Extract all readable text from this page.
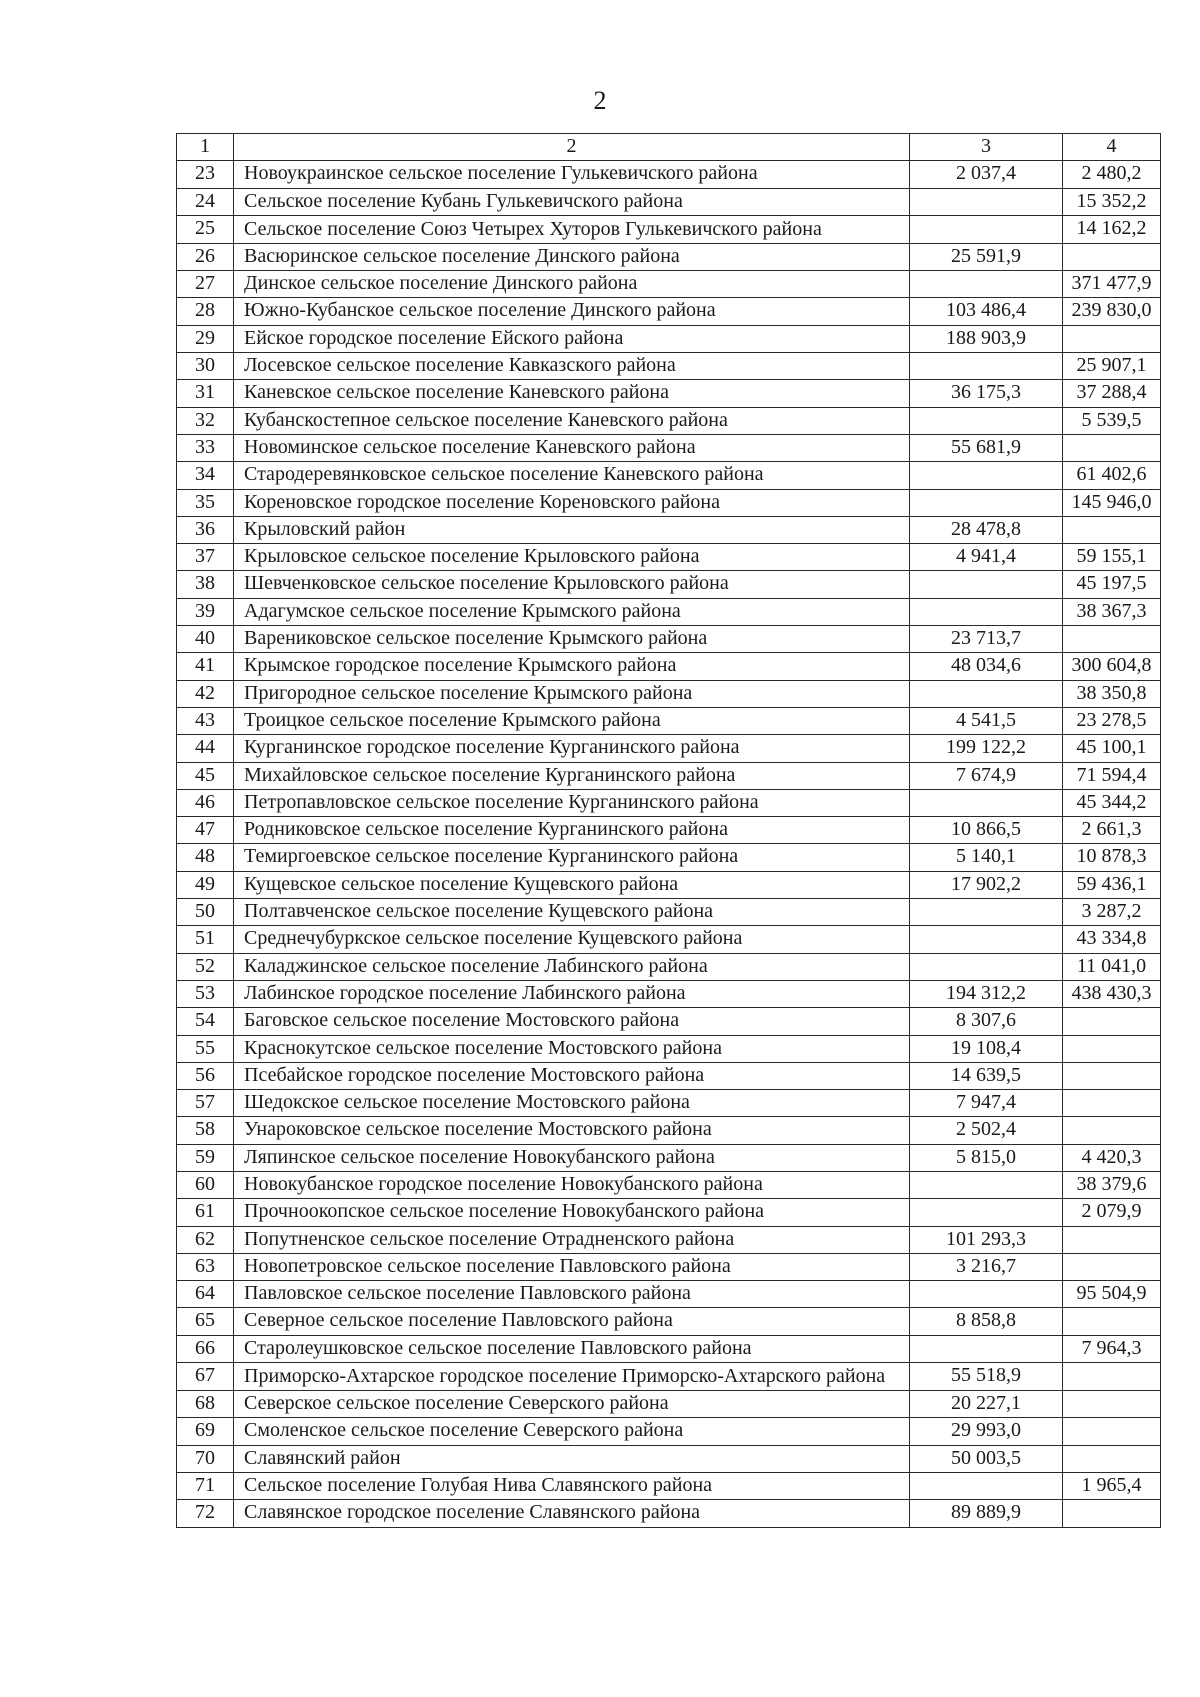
2
1	2	3	4
23	Новоукраинское сельское поселение Гулькевичского района	2 037,4	2 480,2
24	Сельское поселение Кубань Гулькевичского района		15 352,2
25	Сельское поселение Союз Четырех Хуторов Гулькевичского района		14 162,2
26	Васюринское сельское поселение Динского района	25 591,9	
27	Динское сельское поселение Динского района		371 477,9
28	Южно-Кубанское сельское поселение Динского района	103 486,4	239 830,0
29	Ейское городское поселение Ейского района	188 903,9	
30	Лосевское сельское поселение Кавказского района		25 907,1
31	Каневское сельское поселение Каневского района	36 175,3	37 288,4
32	Кубанскостепное сельское поселение Каневского района		5 539,5
33	Новоминское сельское поселение Каневского района	55 681,9	
34	Стародеревянковское сельское поселение Каневского района		61 402,6
35	Кореновское городское поселение Кореновского района		145 946,0
36	Крыловский район	28 478,8	
37	Крыловское сельское поселение Крыловского района	4 941,4	59 155,1
38	Шевченковское сельское поселение Крыловского района		45 197,5
39	Адагумское сельское поселение Крымского района		38 367,3
40	Варениковское сельское поселение Крымского района	23 713,7	
41	Крымское городское поселение Крымского района	48 034,6	300 604,8
42	Пригородное сельское поселение Крымского района		38 350,8
43	Троицкое сельское поселение Крымского района	4 541,5	23 278,5
44	Курганинское городское поселение Курганинского района	199 122,2	45 100,1
45	Михайловское сельское поселение Курганинского района	7 674,9	71 594,4
46	Петропавловское сельское поселение Курганинского района		45 344,2
47	Родниковское сельское поселение Курганинского района	10 866,5	2 661,3
48	Темиргоевское сельское поселение Курганинского района	5 140,1	10 878,3
49	Кущевское сельское поселение Кущевского района	17 902,2	59 436,1
50	Полтавченское сельское поселение Кущевского района		3 287,2
51	Среднечубуркское сельское поселение Кущевского района		43 334,8
52	Каладжинское сельское поселение Лабинского района		11 041,0
53	Лабинское городское поселение Лабинского района	194 312,2	438 430,3
54	Баговское сельское поселение Мостовского района	8 307,6	
55	Краснокутское сельское поселение Мостовского района	19 108,4	
56	Псебайское городское поселение Мостовского района	14 639,5	
57	Шедокское сельское поселение Мостовского района	7 947,4	
58	Унароковское сельское поселение Мостовского района	2 502,4	
59	Ляпинское сельское поселение Новокубанского района	5 815,0	4 420,3
60	Новокубанское городское поселение Новокубанского района		38 379,6
61	Прочноокопское сельское поселение Новокубанского района		2 079,9
62	Попутненское сельское поселение Отрадненского района	101 293,3	
63	Новопетровское сельское поселение Павловского района	3 216,7	
64	Павловское сельское поселение Павловского района		95 504,9
65	Северное сельское поселение Павловского района	8 858,8	
66	Старолеушковское сельское поселение Павловского района		7 964,3
67	Приморско-Ахтарское городское поселение Приморско-Ахтарского района	55 518,9	
68	Северское сельское поселение Северского района	20 227,1	
69	Смоленское сельское поселение Северского района	29 993,0	
70	Славянский район	50 003,5	
71	Сельское поселение Голубая Нива Славянского района		1 965,4
72	Славянское городское поселение Славянского района	89 889,9	
